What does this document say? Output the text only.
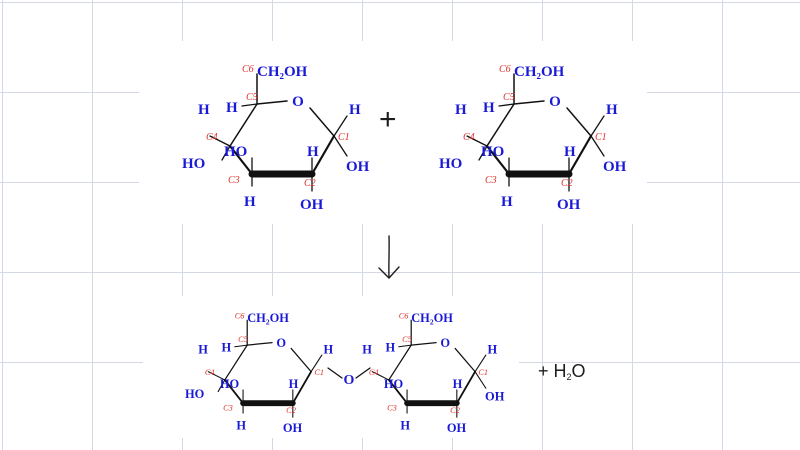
C6 CH₂OH
C5
H	O
H
C4
HO
HO	H
C3
H
C2
OH
H
C1
OH
C6 CH₂OH
C5
H	O
H
C4
HO
HO	H
C3
H
C2
OH
H
C1
OH
+
C6 CH₂OH
C5
H	O
H
C4
HO
HO	H
C3
H
C2
OH
H
C1
O
C6 CH₂OH
C5
H	O
H
C4
HO	H
C3
H
C2
OH
H
C1
OH
+ $H_2O$
